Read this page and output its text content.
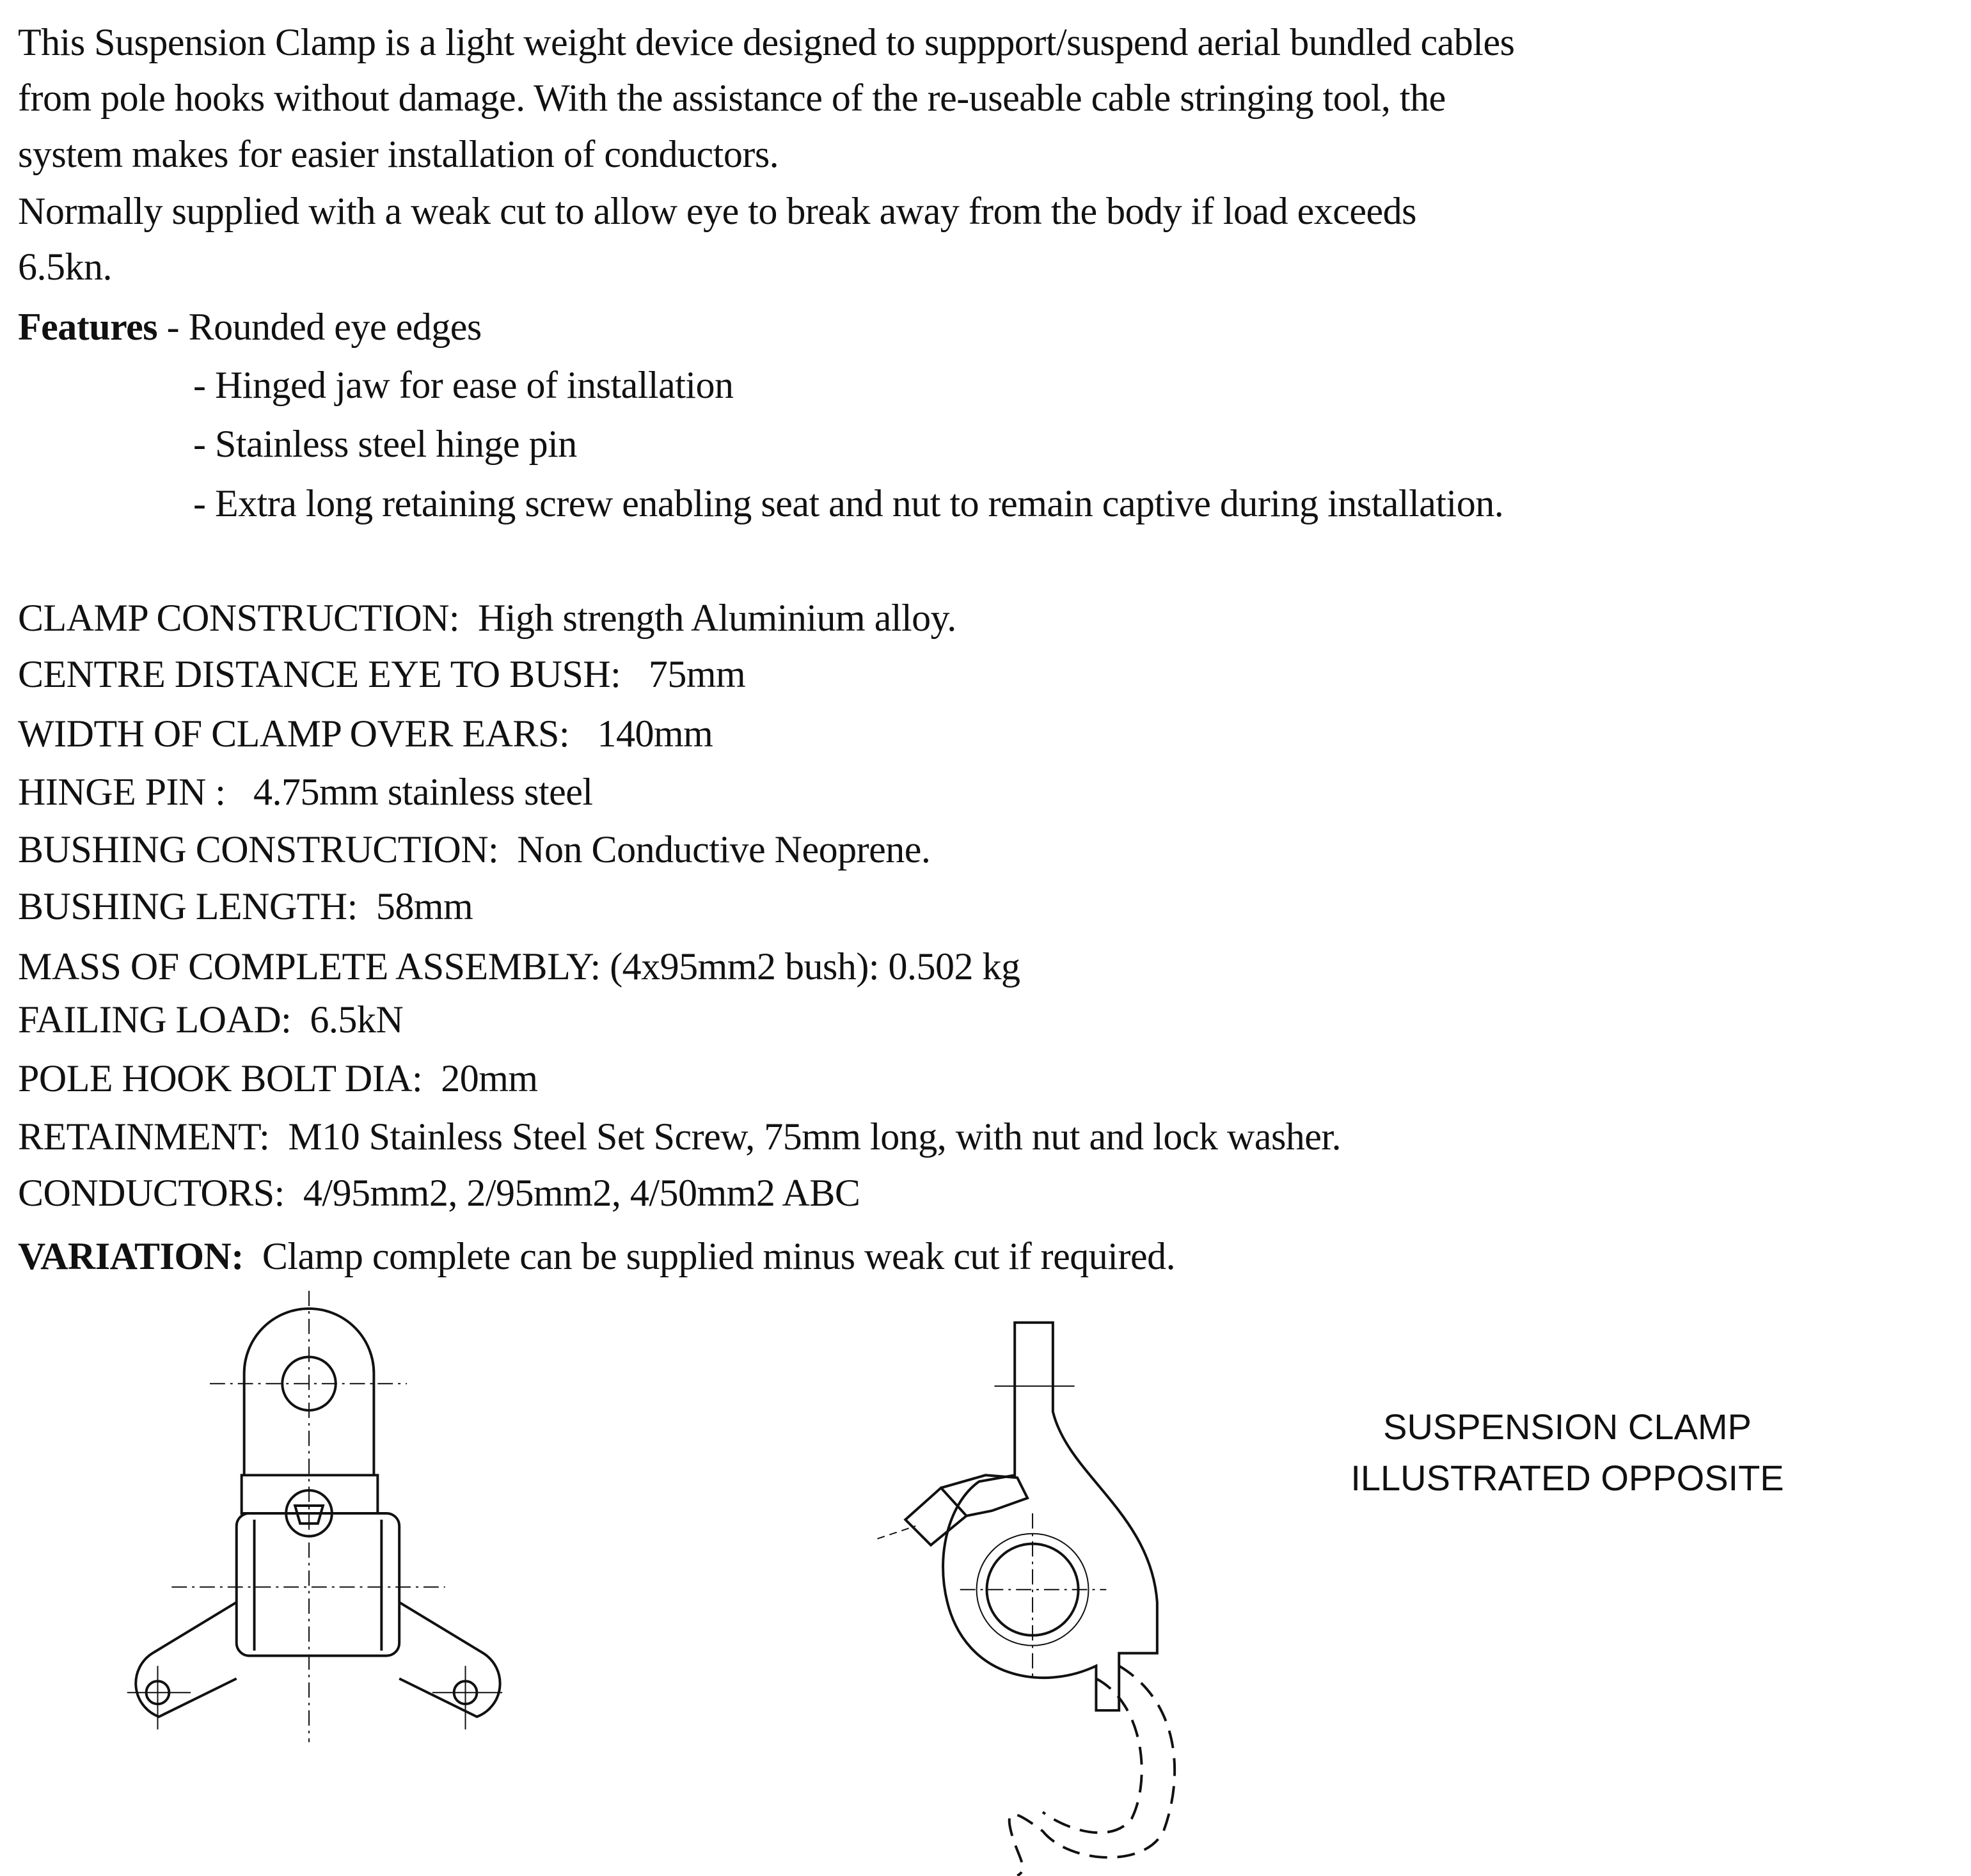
This Suspension Clamp is a light weight device designed to suppport/suspend aerial bundled cables
from pole hooks without damage. With the assistance of the re-useable cable stringing tool, the
system makes for easier installation of conductors.
Normally supplied with a weak cut to allow eye to break away from the body if load exceeds
6.5kn.
Features - Rounded eye edges
- Hinged jaw for ease of installation
- Stainless steel hinge pin
- Extra long retaining screw enabling seat and nut to remain captive during installation.
CLAMP CONSTRUCTION: High strength Aluminium alloy.
CENTRE DISTANCE EYE TO BUSH: 75mm
WIDTH OF CLAMP OVER EARS: 140mm
HINGE PIN : 4.75mm stainless steel
BUSHING CONSTRUCTION: Non Conductive Neoprene.
BUSHING LENGTH: 58mm
MASS OF COMPLETE ASSEMBLY: (4x95mm2 bush): 0.502 kg
FAILING LOAD: 6.5kN
POLE HOOK BOLT DIA: 20mm
RETAINMENT: M10 Stainless Steel Set Screw, 75mm long, with nut and lock washer.
CONDUCTORS: 4/95mm2, 2/95mm2, 4/50mm2 ABC
VARIATION: Clamp complete can be supplied minus weak cut if required.
SUSPENSION CLAMP
ILLUSTRATED OPPOSITE
